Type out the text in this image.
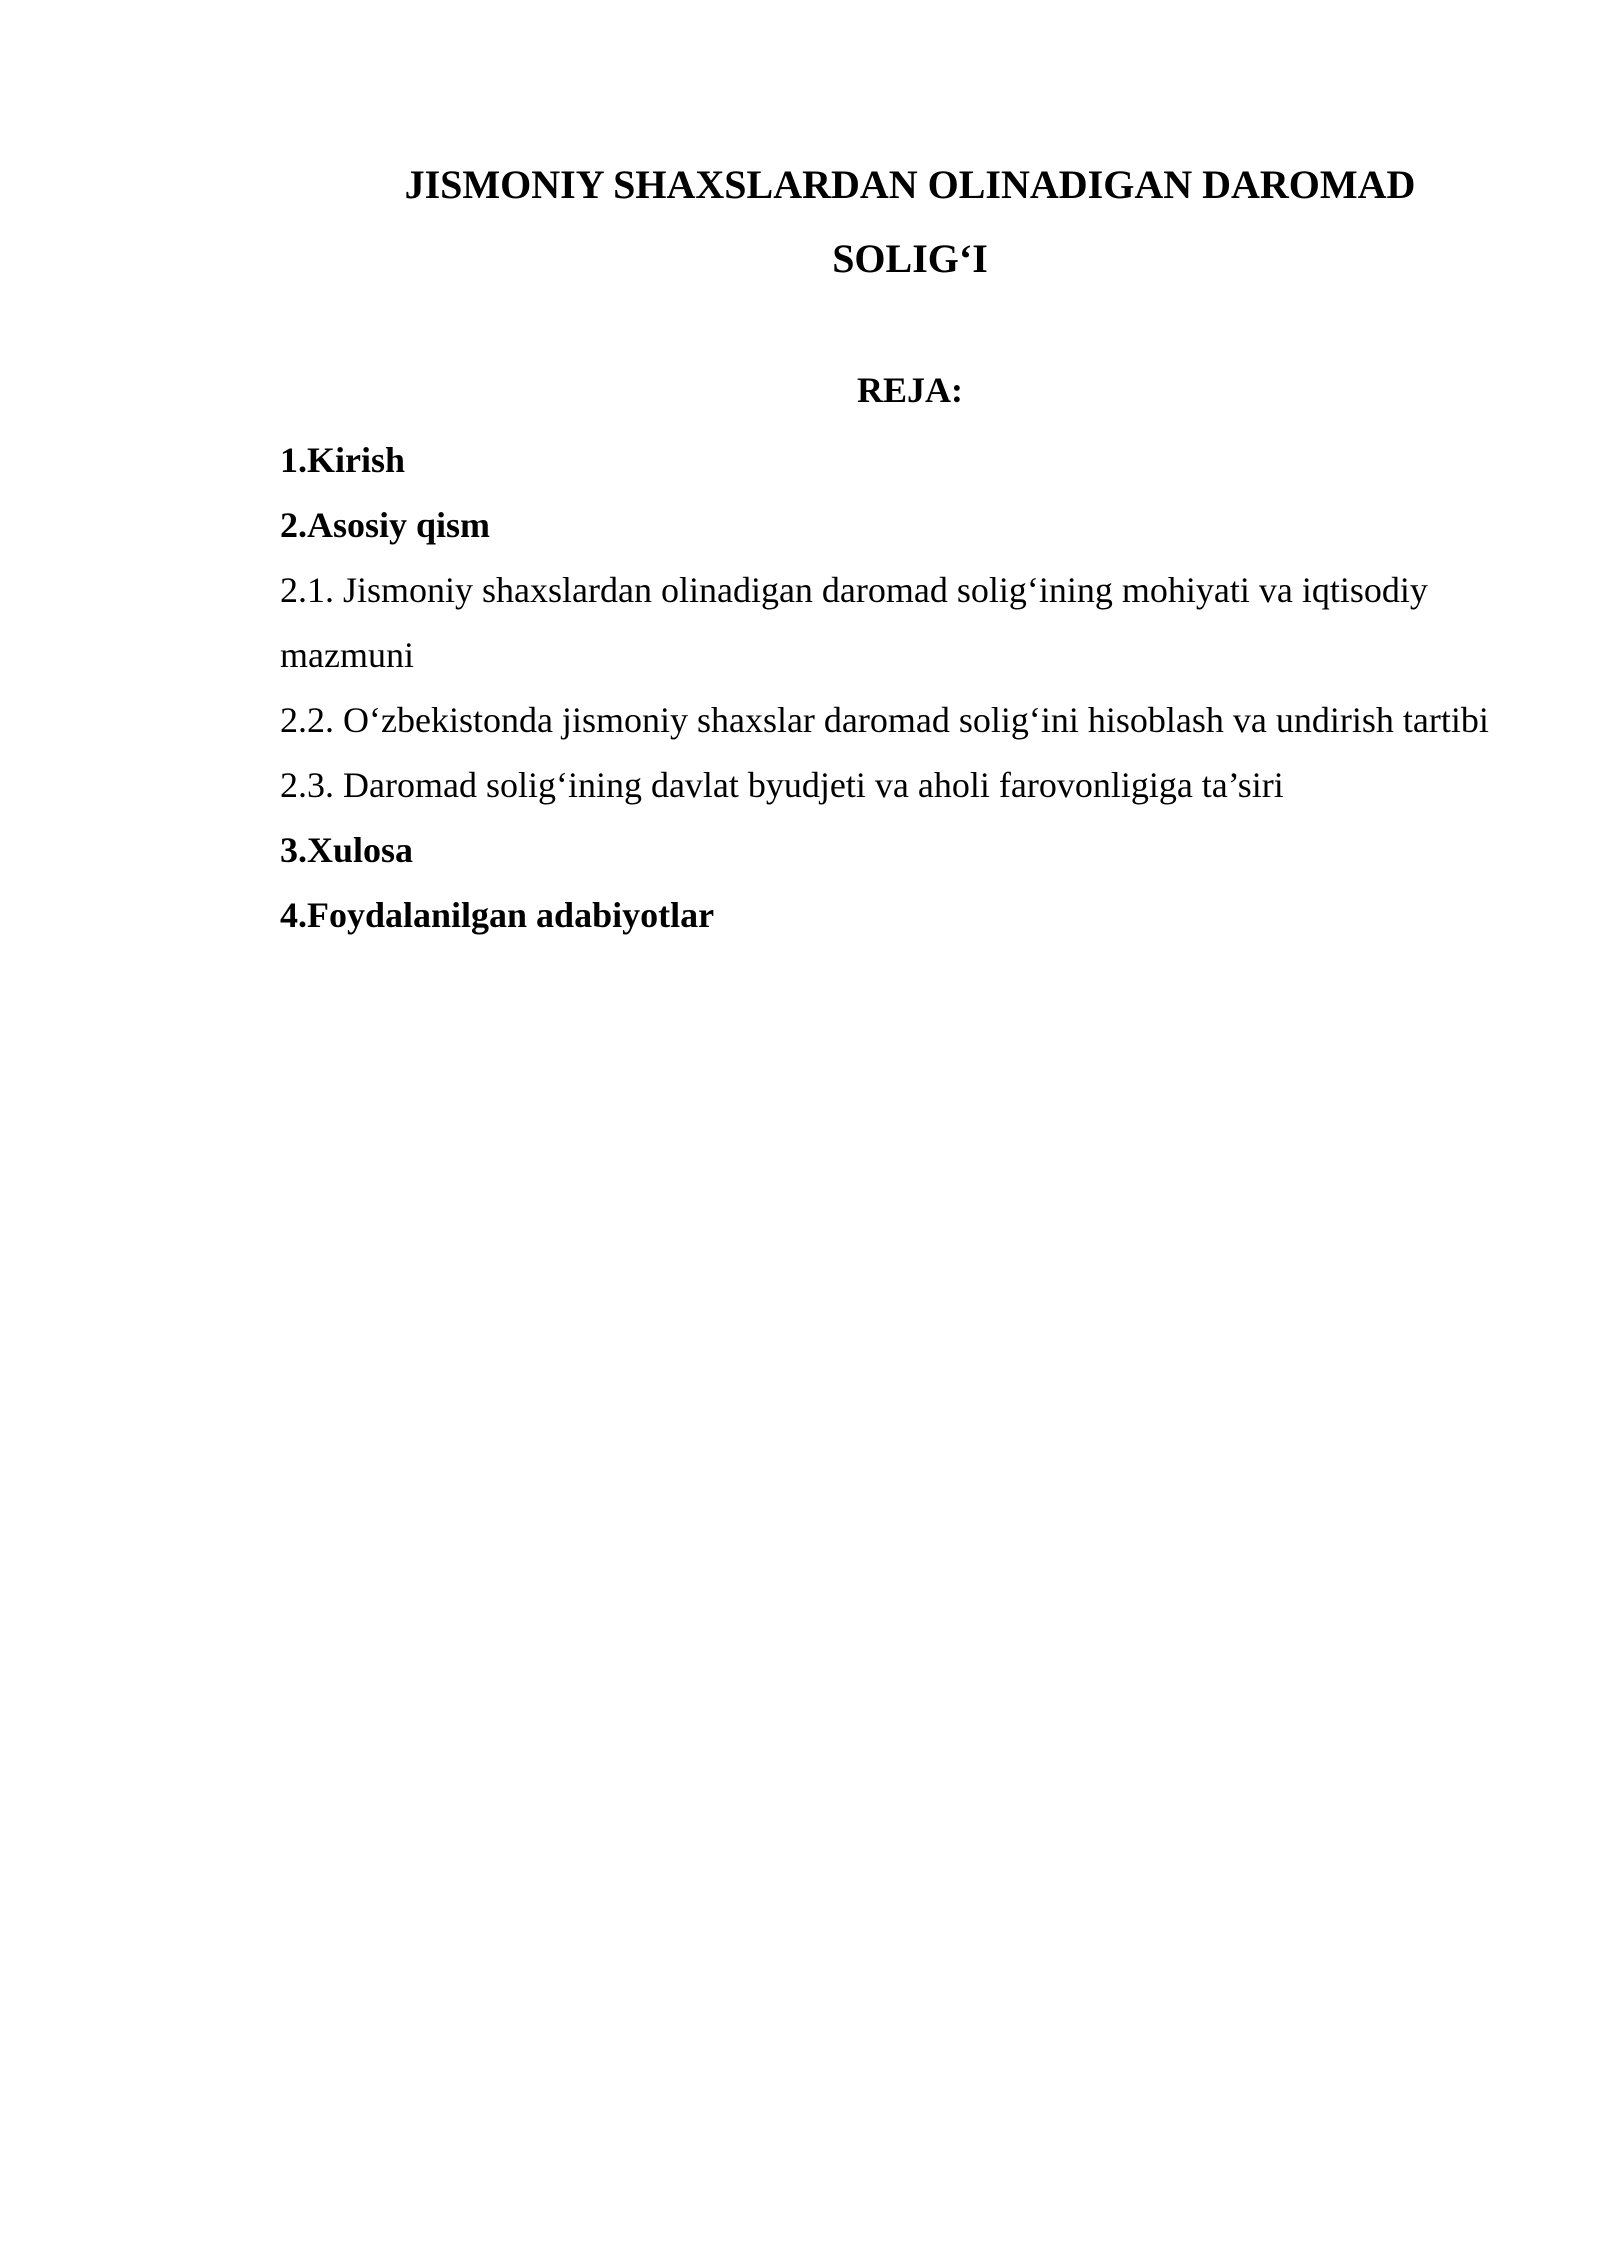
JISMONIY SHAXSLARDAN OLINADIGAN DAROMAD
SOLIG‘I
REJA:
1.Kirish
2.Asosiy qism
2.1. Jismoniy shaxslardan olinadigan daromad solig‘ining mohiyati va iqtisodiy mazmuni
2.2. O‘zbekistonda jismoniy shaxslar daromad solig‘ini hisoblash va undirish tartibi
2.3. Daromad solig‘ining davlat byudjeti va aholi farovonligiga ta’siri
3.Xulosa
4.Foydalanilgan adabiyotlar
